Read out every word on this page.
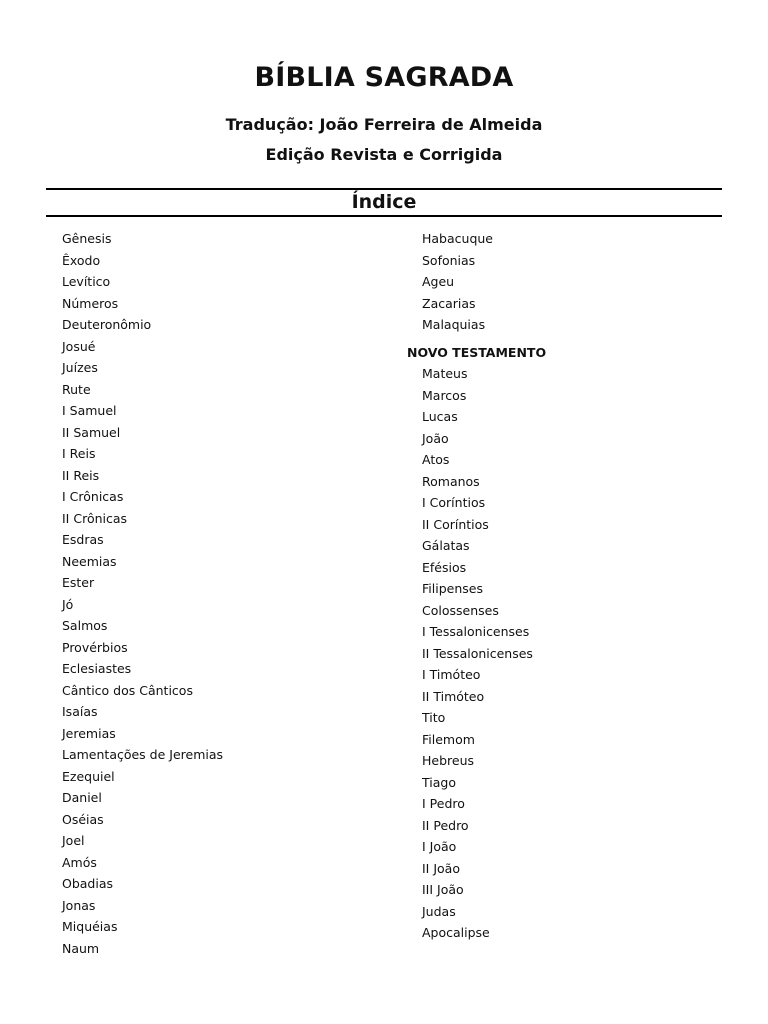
BÍBLIA SAGRADA
Tradução: João Ferreira de Almeida
Edição Revista e Corrigida
Índice
Gênesis
Êxodo
Levítico
Números
Deuteronômio
Josué
Juízes
Rute
I Samuel
II Samuel
I Reis
II Reis
I Crônicas
II Crônicas
Esdras
Neemias
Ester
Jó
Salmos
Provérbios
Eclesiastes
Cântico dos Cânticos
Isaías
Jeremias
Lamentações de Jeremias
Ezequiel
Daniel
Oséias
Joel
Amós
Obadias
Jonas
Miquéias
Naum
Habacuque
Sofonias
Ageu
Zacarias
Malaquias
NOVO TESTAMENTO
Mateus
Marcos
Lucas
João
Atos
Romanos
I Coríntios
II Coríntios
Gálatas
Efésios
Filipenses
Colossenses
I Tessalonicenses
II Tessalonicenses
I Timóteo
II Timóteo
Tito
Filemom
Hebreus
Tiago
I Pedro
II Pedro
I João
II João
III João
Judas
Apocalipse
